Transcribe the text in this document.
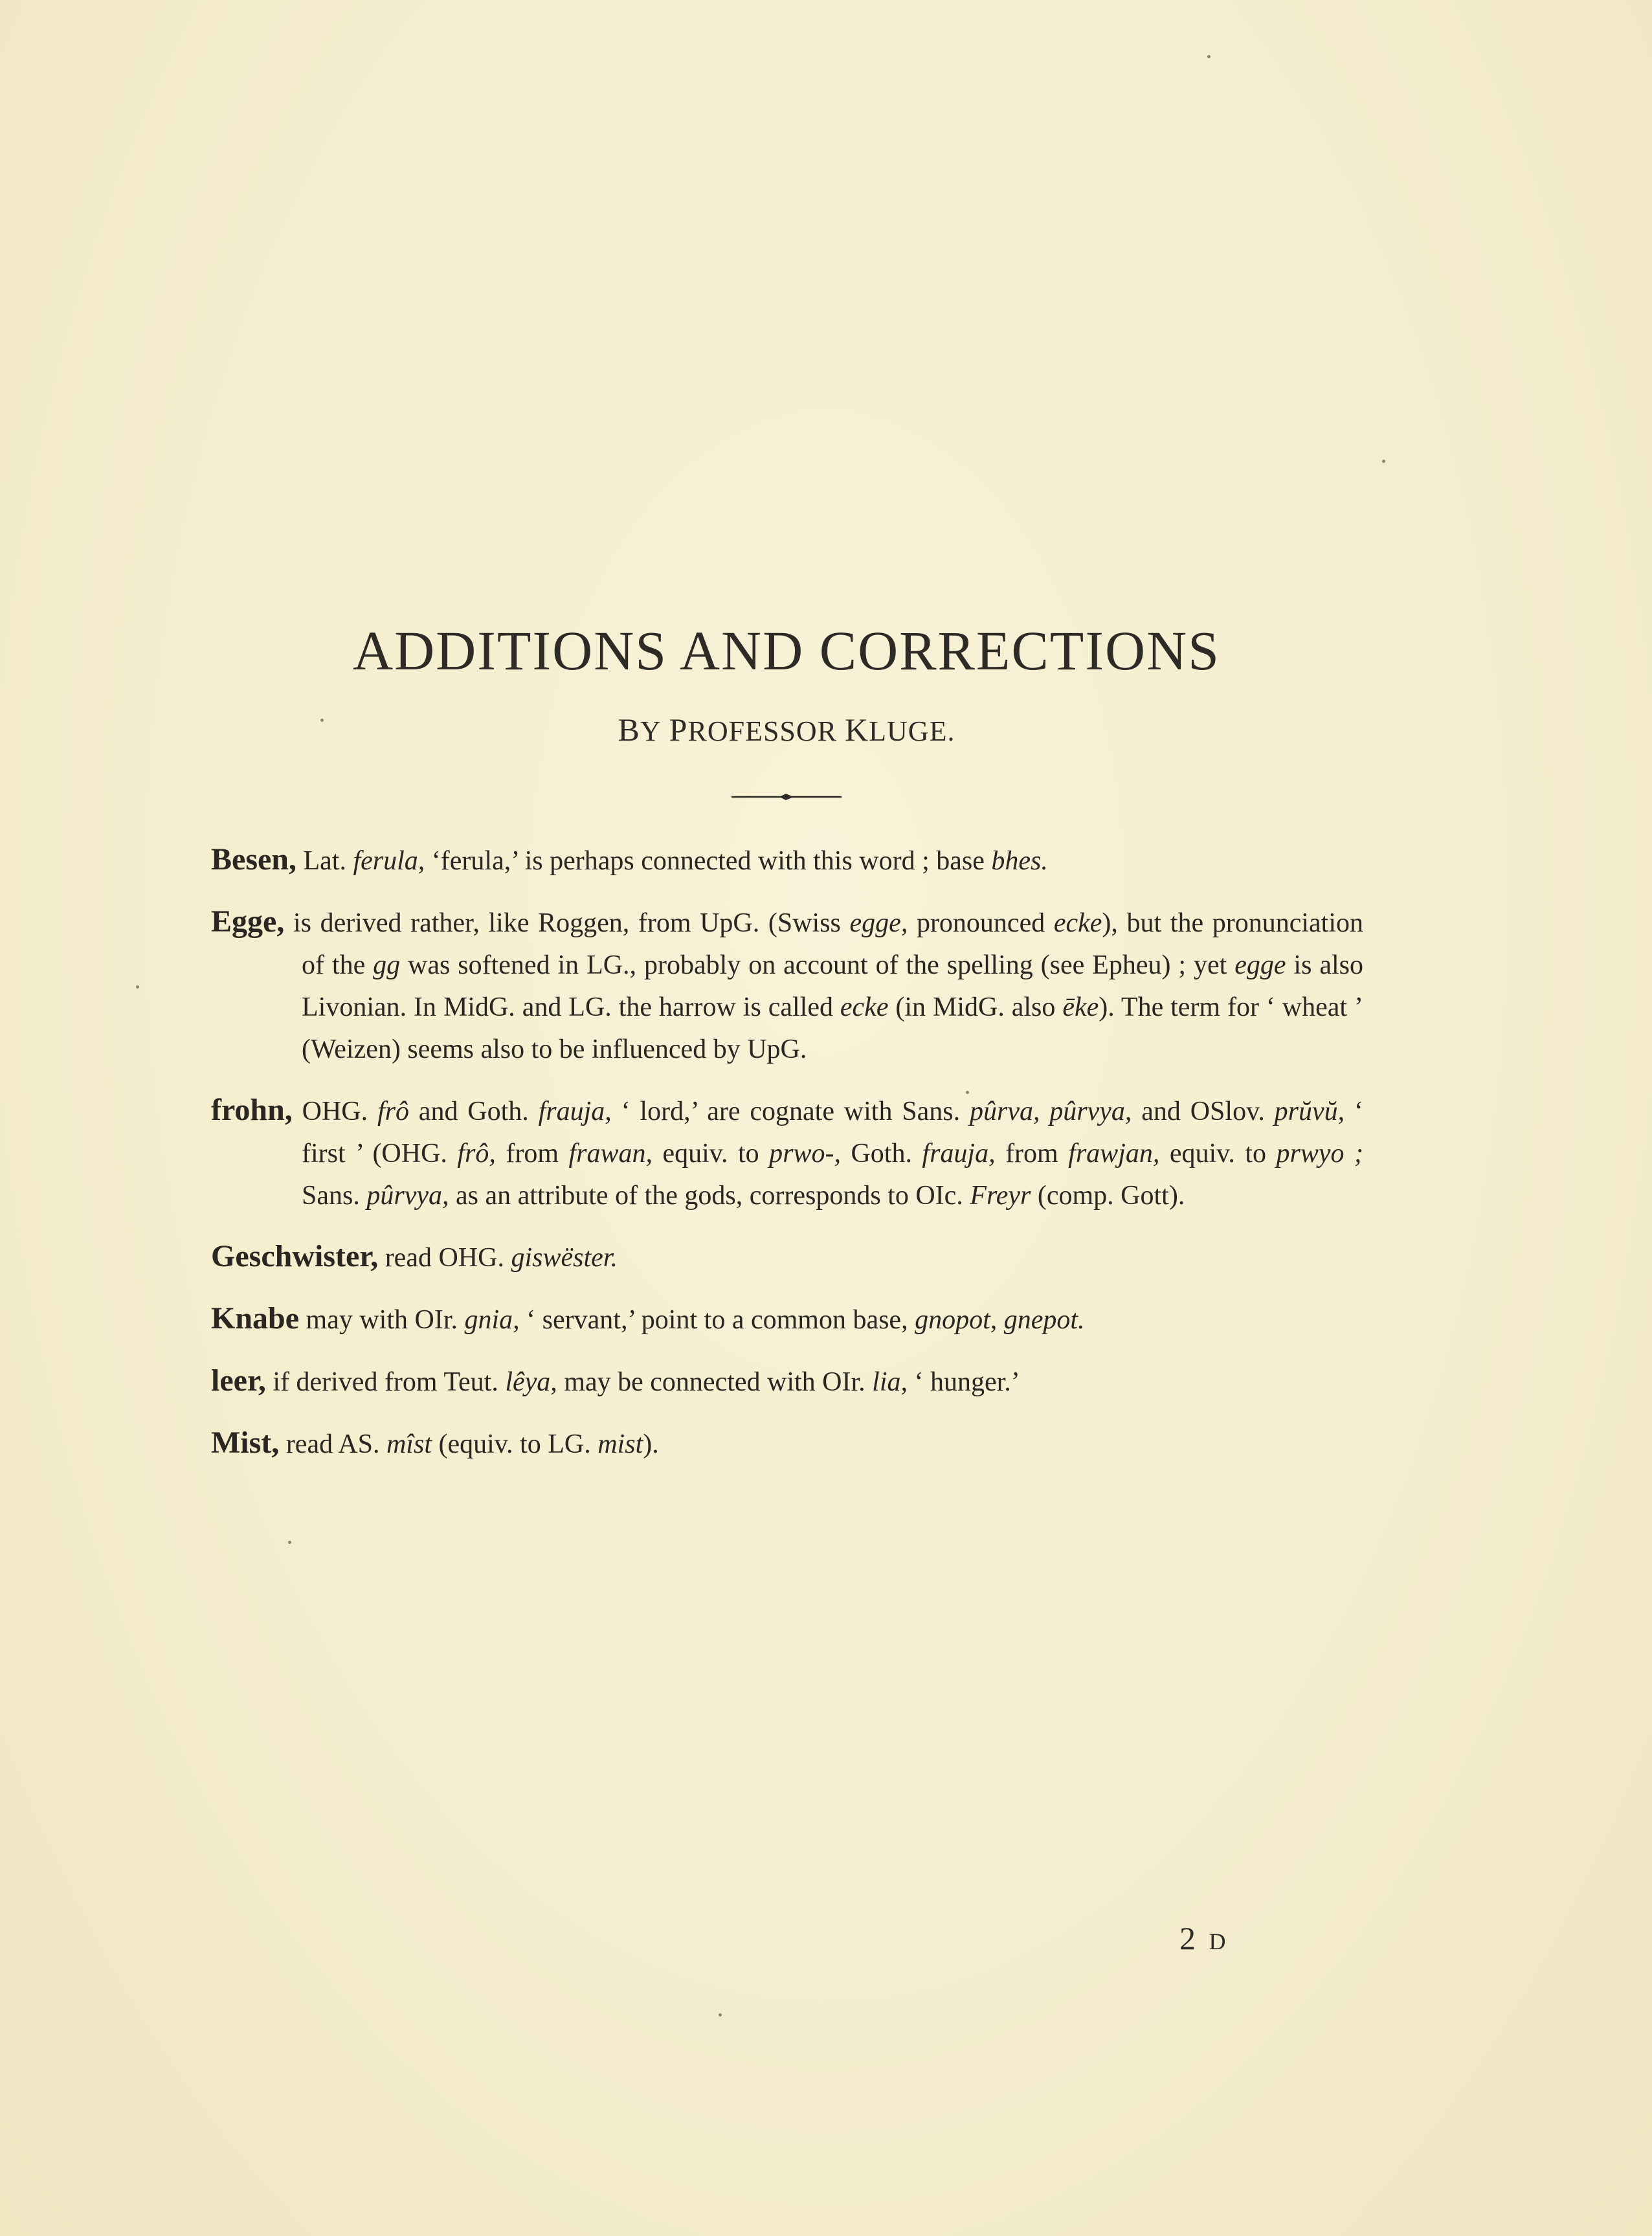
ADDITIONS AND CORRECTIONS
BY PROFESSOR KLUGE.

Besen, Lat. ferula, ‘ferula,’ is perhaps connected with this word ; base bhes.

Egge, is derived rather, like Roggen, from UpG. (Swiss egge, pronounced ecke), but the pronunciation of the gg was softened in LG., probably on account of the spelling (see Epheu) ; yet egge is also Livonian. In MidG. and LG. the harrow is called ecke (in MidG. also ēke). The term for ‘ wheat ’ (Weizen) seems also to be influenced by UpG.

frohn, OHG. frô and Goth. frauja, ‘ lord,’ are cognate with Sans. pûrva, pûrvya, and OSlov. prŭvŭ, ‘ first ’ (OHG. frô, from frawan, equiv. to prwo-, Goth. frauja, from frawjan, equiv. to prwyo ; Sans. pûrvya, as an attribute of the gods, corresponds to OIc. Freyr (comp. Gott).

Geschwister, read OHG. giswëster.

Knabe may with OIr. gnia, ‘ servant,’ point to a common base, gnopot, gnepot.

leer, if derived from Teut. lêya, may be connected with OIr. lia, ‘ hunger.’

Mist, read AS. mîst (equiv. to LG. mist).

2 D
